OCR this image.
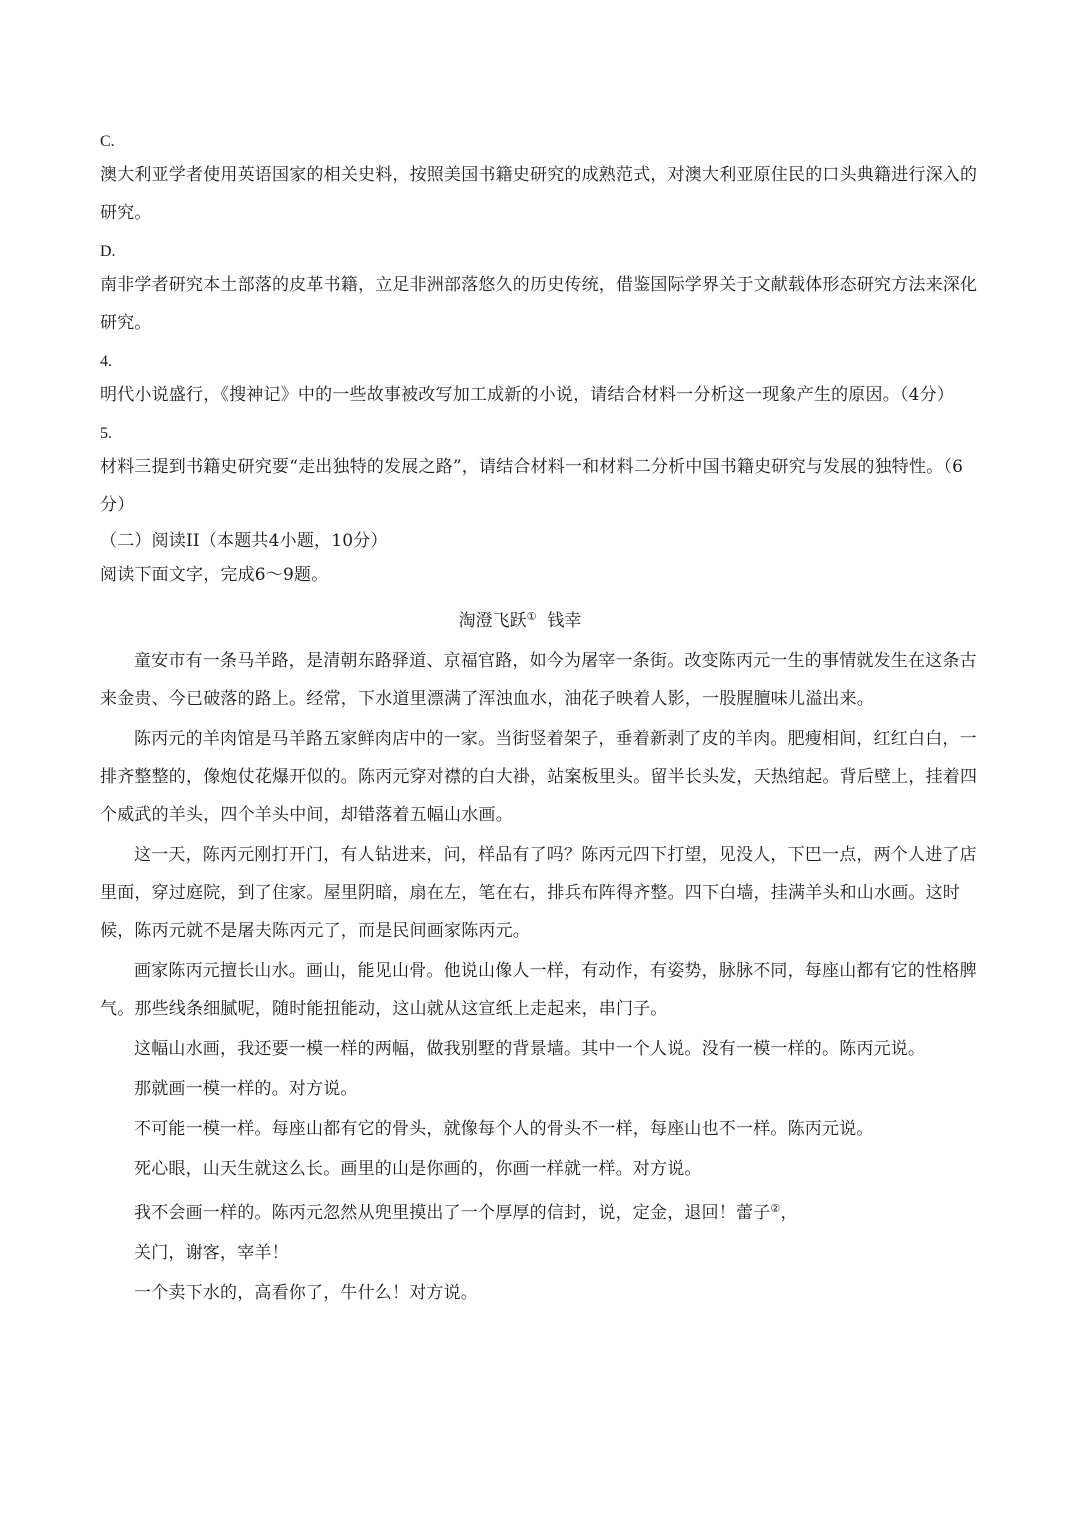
C.

澳大利亚学者使用英语国家的相关史料，按照美国书籍史研究的成熟范式，对澳大利亚原住民的口头典籍进行深入的研究。

D.

南非学者研究本土部落的皮革书籍，立足非洲部落悠久的历史传统，借鉴国际学界关于文献载体形态研究方法来深化研究。

4.

明代小说盛行，《搜神记》中的一些故事被改写加工成新的小说，请结合材料一分析这一现象产生的原因。（4分）

5.

材料三提到书籍史研究要“走出独特的发展之路”，请结合材料一和材料二分析中国书籍史研究与发展的独特性。（6分）

（二）阅读II（本题共4小题，10分）

阅读下面文字，完成6～9题。

淘澄飞跃① 钱幸

童安市有一条马羊路，是清朝东路驿道、京福官路，如今为屠宰一条街。改变陈丙元一生的事情就发生在这条古来金贵、今已破落的路上。经常，下水道里漂满了浑浊血水，油花子映着人影，一股腥膻味儿溢出来。

陈丙元的羊肉馆是马羊路五家鲜肉店中的一家。当街竖着架子，垂着新剥了皮的羊肉。肥瘦相间，红红白白，一排齐整整的，像炮仗花爆开似的。陈丙元穿对襟的白大褂，站案板里头。留半长头发，天热绾起。背后壁上，挂着四个威武的羊头，四个羊头中间，却错落着五幅山水画。

这一天，陈丙元刚打开门，有人钻进来，问，样品有了吗？陈丙元四下打望，见没人，下巴一点，两个人进了店里面，穿过庭院，到了住家。屋里阴暗，扇在左，笔在右，排兵布阵得齐整。四下白墙，挂满羊头和山水画。这时候，陈丙元就不是屠夫陈丙元了，而是民间画家陈丙元。

画家陈丙元擅长山水。画山，能见山骨。他说山像人一样，有动作，有姿势，脉脉不同，每座山都有它的性格脾气。那些线条细腻呢，随时能扭能动，这山就从这宣纸上走起来，串门子。

这幅山水画，我还要一模一样的两幅，做我别墅的背景墙。其中一个人说。没有一模一样的。陈丙元说。

那就画一模一样的。对方说。

不可能一模一样。每座山都有它的骨头，就像每个人的骨头不一样，每座山也不一样。陈丙元说。

死心眼，山天生就这么长。画里的山是你画的，你画一样就一样。对方说。

我不会画一样的。陈丙元忽然从兜里摸出了一个厚厚的信封，说，定金，退回！蕾子②，

关门，谢客，宰羊！

一个卖下水的，高看你了，牛什么！对方说。
